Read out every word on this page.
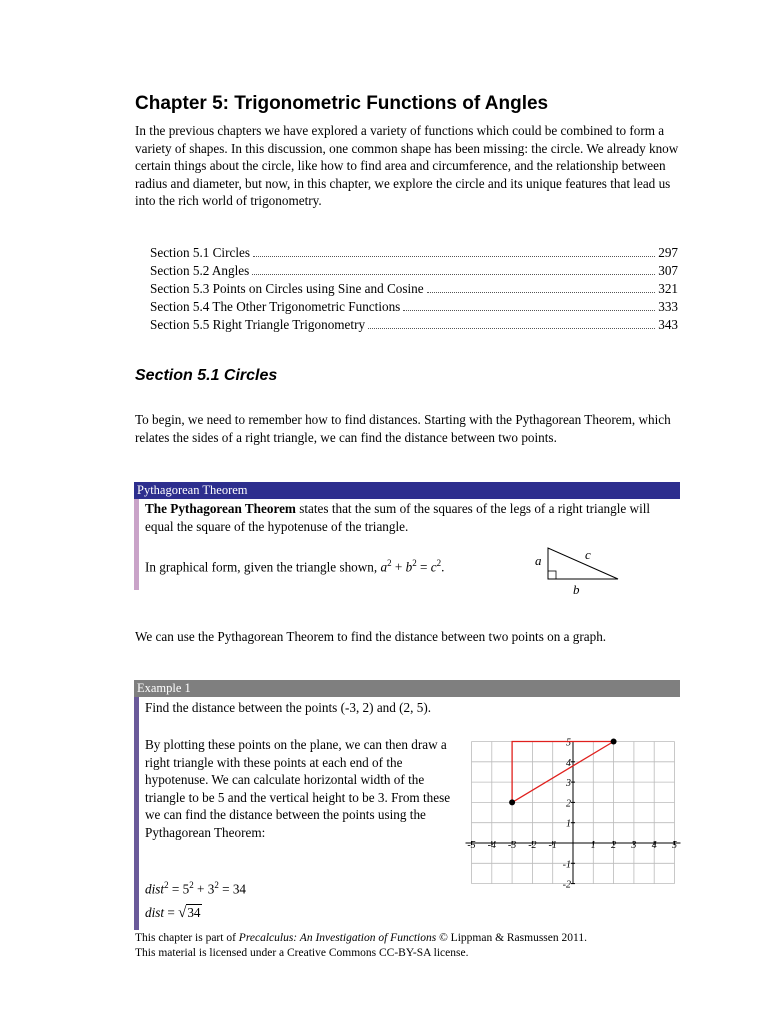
Chapter 5: Trigonometric Functions of Angles
In the previous chapters we have explored a variety of functions which could be combined to form a variety of shapes. In this discussion, one common shape has been missing: the circle. We already know certain things about the circle, like how to find area and circumference, and the relationship between radius and diameter, but now, in this chapter, we explore the circle and its unique features that lead us into the rich world of trigonometry.
Section 5.1 Circles	297
Section 5.2 Angles	307
Section 5.3 Points on Circles using Sine and Cosine	321
Section 5.4 The Other Trigonometric Functions	333
Section 5.5 Right Triangle Trigonometry	343
Section 5.1 Circles
To begin, we need to remember how to find distances. Starting with the Pythagorean Theorem, which relates the sides of a right triangle, we can find the distance between two points.
Pythagorean Theorem
The Pythagorean Theorem states that the sum of the squares of the legs of a right triangle will equal the square of the hypotenuse of the triangle.
In graphical form, given the triangle shown, $a^2 + b^2 = c^2$.	a	c
b
We can use the Pythagorean Theorem to find the distance between two points on a graph.
Example 1
Find the distance between the points (-3, 2) and (2, 5).
By plotting these points on the plane, we can then draw a right triangle with these points at each end of the hypotenuse. We can calculate horizontal width of the triangle to be 5 and the vertical height to be 3. From these we can find the distance between the points using the Pythagorean Theorem:
dist$^2$ = $5^2 + 3^2 = 34$
dist = √34
-5 -4 -3 -2 -1	1 2 3 4 5
-2
-1
1
2
3
4
5
This chapter is part of Precalculus: An Investigation of Functions © Lippman & Rasmussen 2011.
This material is licensed under a Creative Commons CC-BY-SA license.
